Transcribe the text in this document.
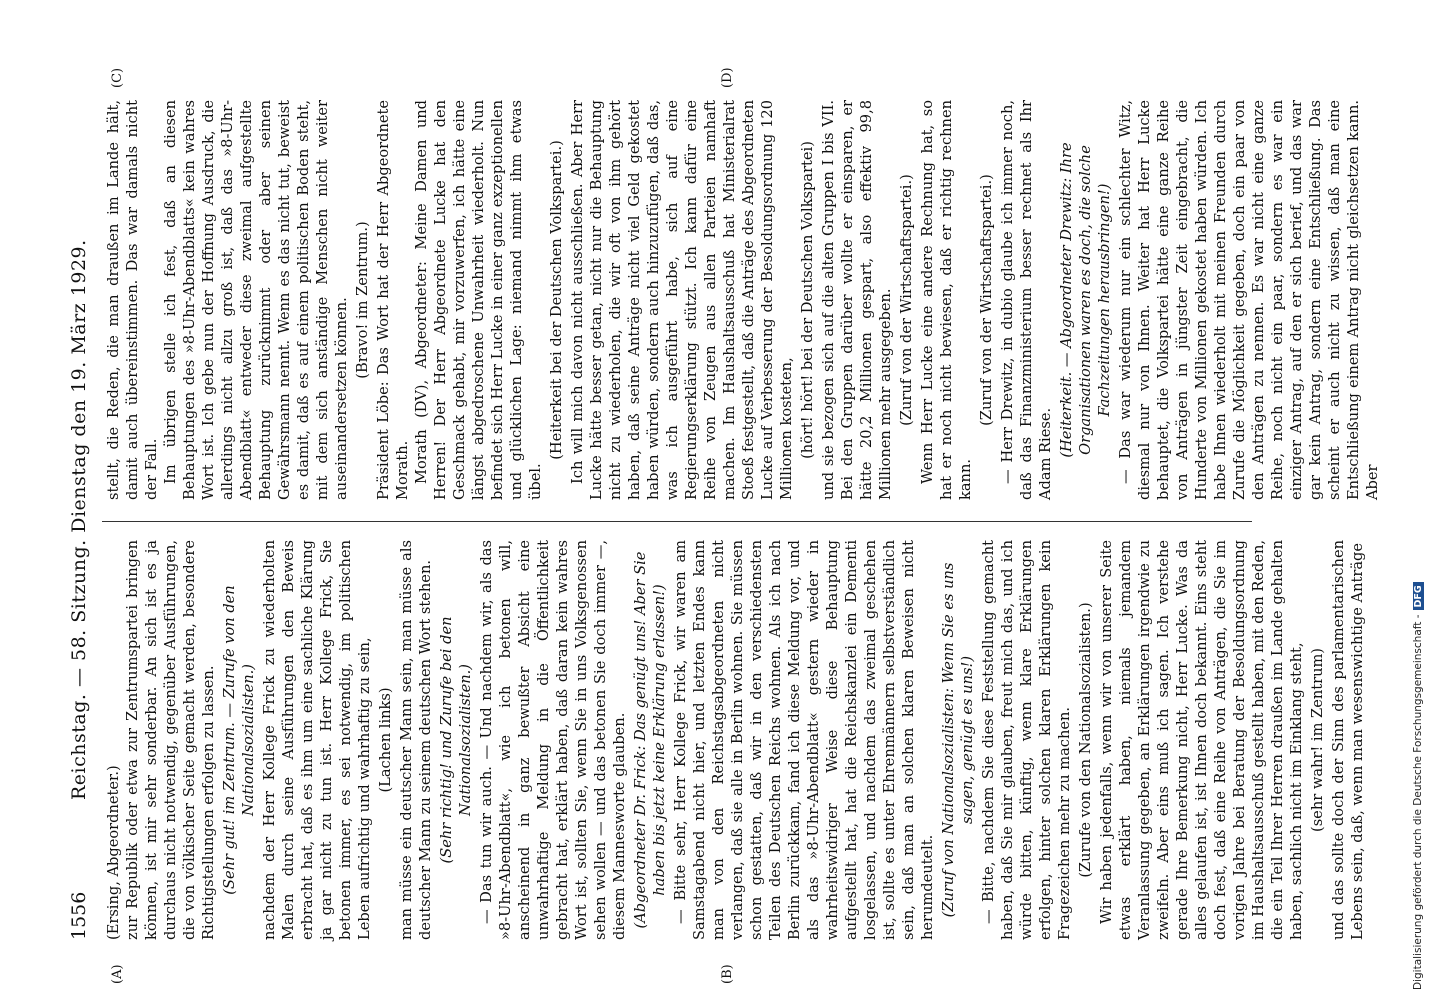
1556
Reichstag. — 58. Sitzung. Dienstag den 19. März 1929.

(Ersing, Abgeordneter.) zur Republik oder etwa zur Zentrumspartei bringen können, ist mir sehr sonderbar. An sich ist es ja durchaus nicht notwendig, gegenüber Ausführungen, die von völkischer Seite gemacht werden, besondere Richtigstellungen erfolgen zu lassen. (Sehr gut! im Zentrum. — Zurufe von den Nationalsozialisten.) nachdem der Herr Kollege Frick zu wiederholten Malen durch seine Ausführungen den Beweis erbracht hat, daß es ihm um eine sachliche Klärung ja gar nicht zu tun ist. Herr Kollege Frick, Sie betonen immer, es sei notwendig, im politischen Leben aufrichtig und wahrhaftig zu sein, (Lachen links) man müsse ein deutscher Mann sein, man müsse als deutscher Mann zu seinem deutschen Wort stehen. (Sehr richtig! und Zurufe bei den Nationalsozialisten.) — Das tun wir auch. — Und nachdem wir, als das »8-Uhr-Abendblatt«, wie ich betonen will, anscheinend in ganz bewußter Absicht eine unwahrhaftige Meldung in die Öffentlichkeit gebracht hat, erklärt haben, daß daran kein wahres Wort ist, sollten Sie, wenn Sie in uns Volksgenossen sehen wollen — und das betonen Sie doch immer —, diesem Mannesworte glauben. (Abgeordneter Dr. Frick: Das genügt uns! Aber Sie haben bis jetzt keine Erklärung erlassen!) — Bitte sehr, Herr Kollege Frick, wir waren am Samstagabend nicht hier, und letzten Endes kann man von den Reichstagsabgeordneten nicht verlangen, daß sie alle in Berlin wohnen. Sie müssen schon gestatten, daß wir in den verschiedensten Teilen des Deutschen Reichs wohnen. Als ich nach Berlin zurückkam, fand ich diese Meldung vor, und als das »8-Uhr-Abendblatt« gestern wieder in wahrheitswidriger Weise diese Behauptung aufgestellt hat, hat die Reichskanzlei ein Dementi losgelassen, und nachdem das zweimal geschehen ist, sollte es unter Ehrenmännern selbstverständlich sein, daß man an solchen klaren Beweisen nicht herumdeutelt. (Zuruf von Nationalsozialisten: Wenn Sie es uns sagen, genügt es uns!) — Bitte, nachdem Sie diese Feststellung gemacht haben, daß Sie mir glauben, freut mich das, und ich würde bitten, künftig, wenn klare Erklärungen erfolgen, hinter solchen klaren Erklärungen kein Fragezeichen mehr zu machen. (Zurufe von den Nationalsozialisten.) Wir haben jedenfalls, wenn wir von unserer Seite etwas erklärt haben, niemals jemandem Veranlassung gegeben, an Erklärungen irgendwie zu zweifeln. Aber eins muß ich sagen. Ich verstehe gerade Ihre Bemerkung nicht, Herr Lucke. Was da alles gelaufen ist, ist Ihnen doch bekannt. Eins steht doch fest, daß eine Reihe von Anträgen, die Sie im vorigen Jahre bei Beratung der Besoldungsordnung im Haushaltsausschuß gestellt haben, mit den Reden, die ein Teil Ihrer Herren draußen im Lande gehalten haben, sachlich nicht im Einklang steht, (sehr wahr! im Zentrum) und das sollte doch der Sinn des parlamentarischen Lebens sein, daß, wenn man wesenswichtige Anträge

stellt, die Reden, die man draußen im Lande hält, damit auch übereinstimmen. Das war damals nicht der Fall. Im übrigen stelle ich fest, daß an diesen Behauptungen des »8-Uhr-Abendblatts« kein wahres Wort ist. Ich gebe nun der Hoffnung Ausdruck, die allerdings nicht allzu groß ist, daß das »8-Uhr-Abendblatt« entweder diese zweimal aufgestellte Behauptung zurücknimmt oder aber seinen Gewährsmann nennt. Wenn es das nicht tut, beweist es damit, daß es auf einem politischen Boden steht, mit dem sich anständige Menschen nicht weiter auseinandersetzen können. (Bravo! im Zentrum.) Präsident Löbe: Das Wort hat der Herr Abgeordnete Morath. Morath (DV), Abgeordneter: Meine Damen und Herren! Der Herr Abgeordnete Lucke hat den Geschmack gehabt, mir vorzuwerfen, ich hätte eine längst abgedroschene Unwahrheit wiederholt. Nun befindet sich Herr Lucke in einer ganz exzeptionellen und glücklichen Lage: niemand nimmt ihm etwas übel.

(Heiterkeit bei der Deutschen Volkspartei.) Ich will mich davon nicht ausschließen. Aber Herr Lucke hätte besser getan, nicht nur die Behauptung nicht zu wiederholen, die wir oft von ihm gehört haben, daß seine Anträge nicht viel Geld gekostet haben würden, sondern auch hinzuzufügen, daß das, was ich ausgeführt habe, sich auf eine Regierungserklärung stützt. Ich kann dafür eine Reihe von Zeugen aus allen Parteien namhaft machen. Im Haushaltsausschuß hat Ministerialrat Stoeß festgestellt, daß die Anträge des Abgeordneten Lucke auf Verbesserung der Besoldungsordnung 120 Millionen kosteten, (hört! hört! bei der Deutschen Volkspartei) und sie bezogen sich auf die alten Gruppen I bis VII. Bei den Gruppen darüber wollte er einsparen, er hätte 20,2 Millionen gespart, also effektiv 99,8 Millionen mehr ausgegeben. (Zuruf von der Wirtschaftspartei.) Wenn Herr Lucke eine andere Rechnung hat, so hat er noch nicht bewiesen, daß er richtig rechnen kann.

(Zuruf von der Wirtschaftspartei.) — Herr Drewitz, in dubio glaube ich immer noch, daß das Finanzministerium besser rechnet als Ihr Adam Riese. (Heiterkeit. — Abgeordneter Drewitz: Ihre Organisationen waren es doch, die solche Fachzeitungen herausbringen!) — Das war wiederum nur ein schlechter Witz, diesmal nur von Ihnen. Weiter hat Herr Lucke behauptet, die Volkspartei hätte eine ganze Reihe von Anträgen in jüngster Zeit eingebracht, die Hunderte von Millionen gekostet haben würden. Ich habe Ihnen wiederholt mit meinen Freunden durch Zurufe die Möglichkeit gegeben, doch ein paar von den Anträgen zu nennen. Es war nicht eine ganze Reihe, noch nicht ein paar, sondern es war ein einziger Antrag, auf den er sich berief, und das war gar kein Antrag, sondern eine Entschließung. Das scheint er auch nicht zu wissen, daß man eine Entschließung einem Antrag nicht gleichsetzen kann. Aber

(A)	(B)
(C)	(D)
Digitalisierung gefördert durch die Deutsche Forschungsgemeinschaft -DFG
